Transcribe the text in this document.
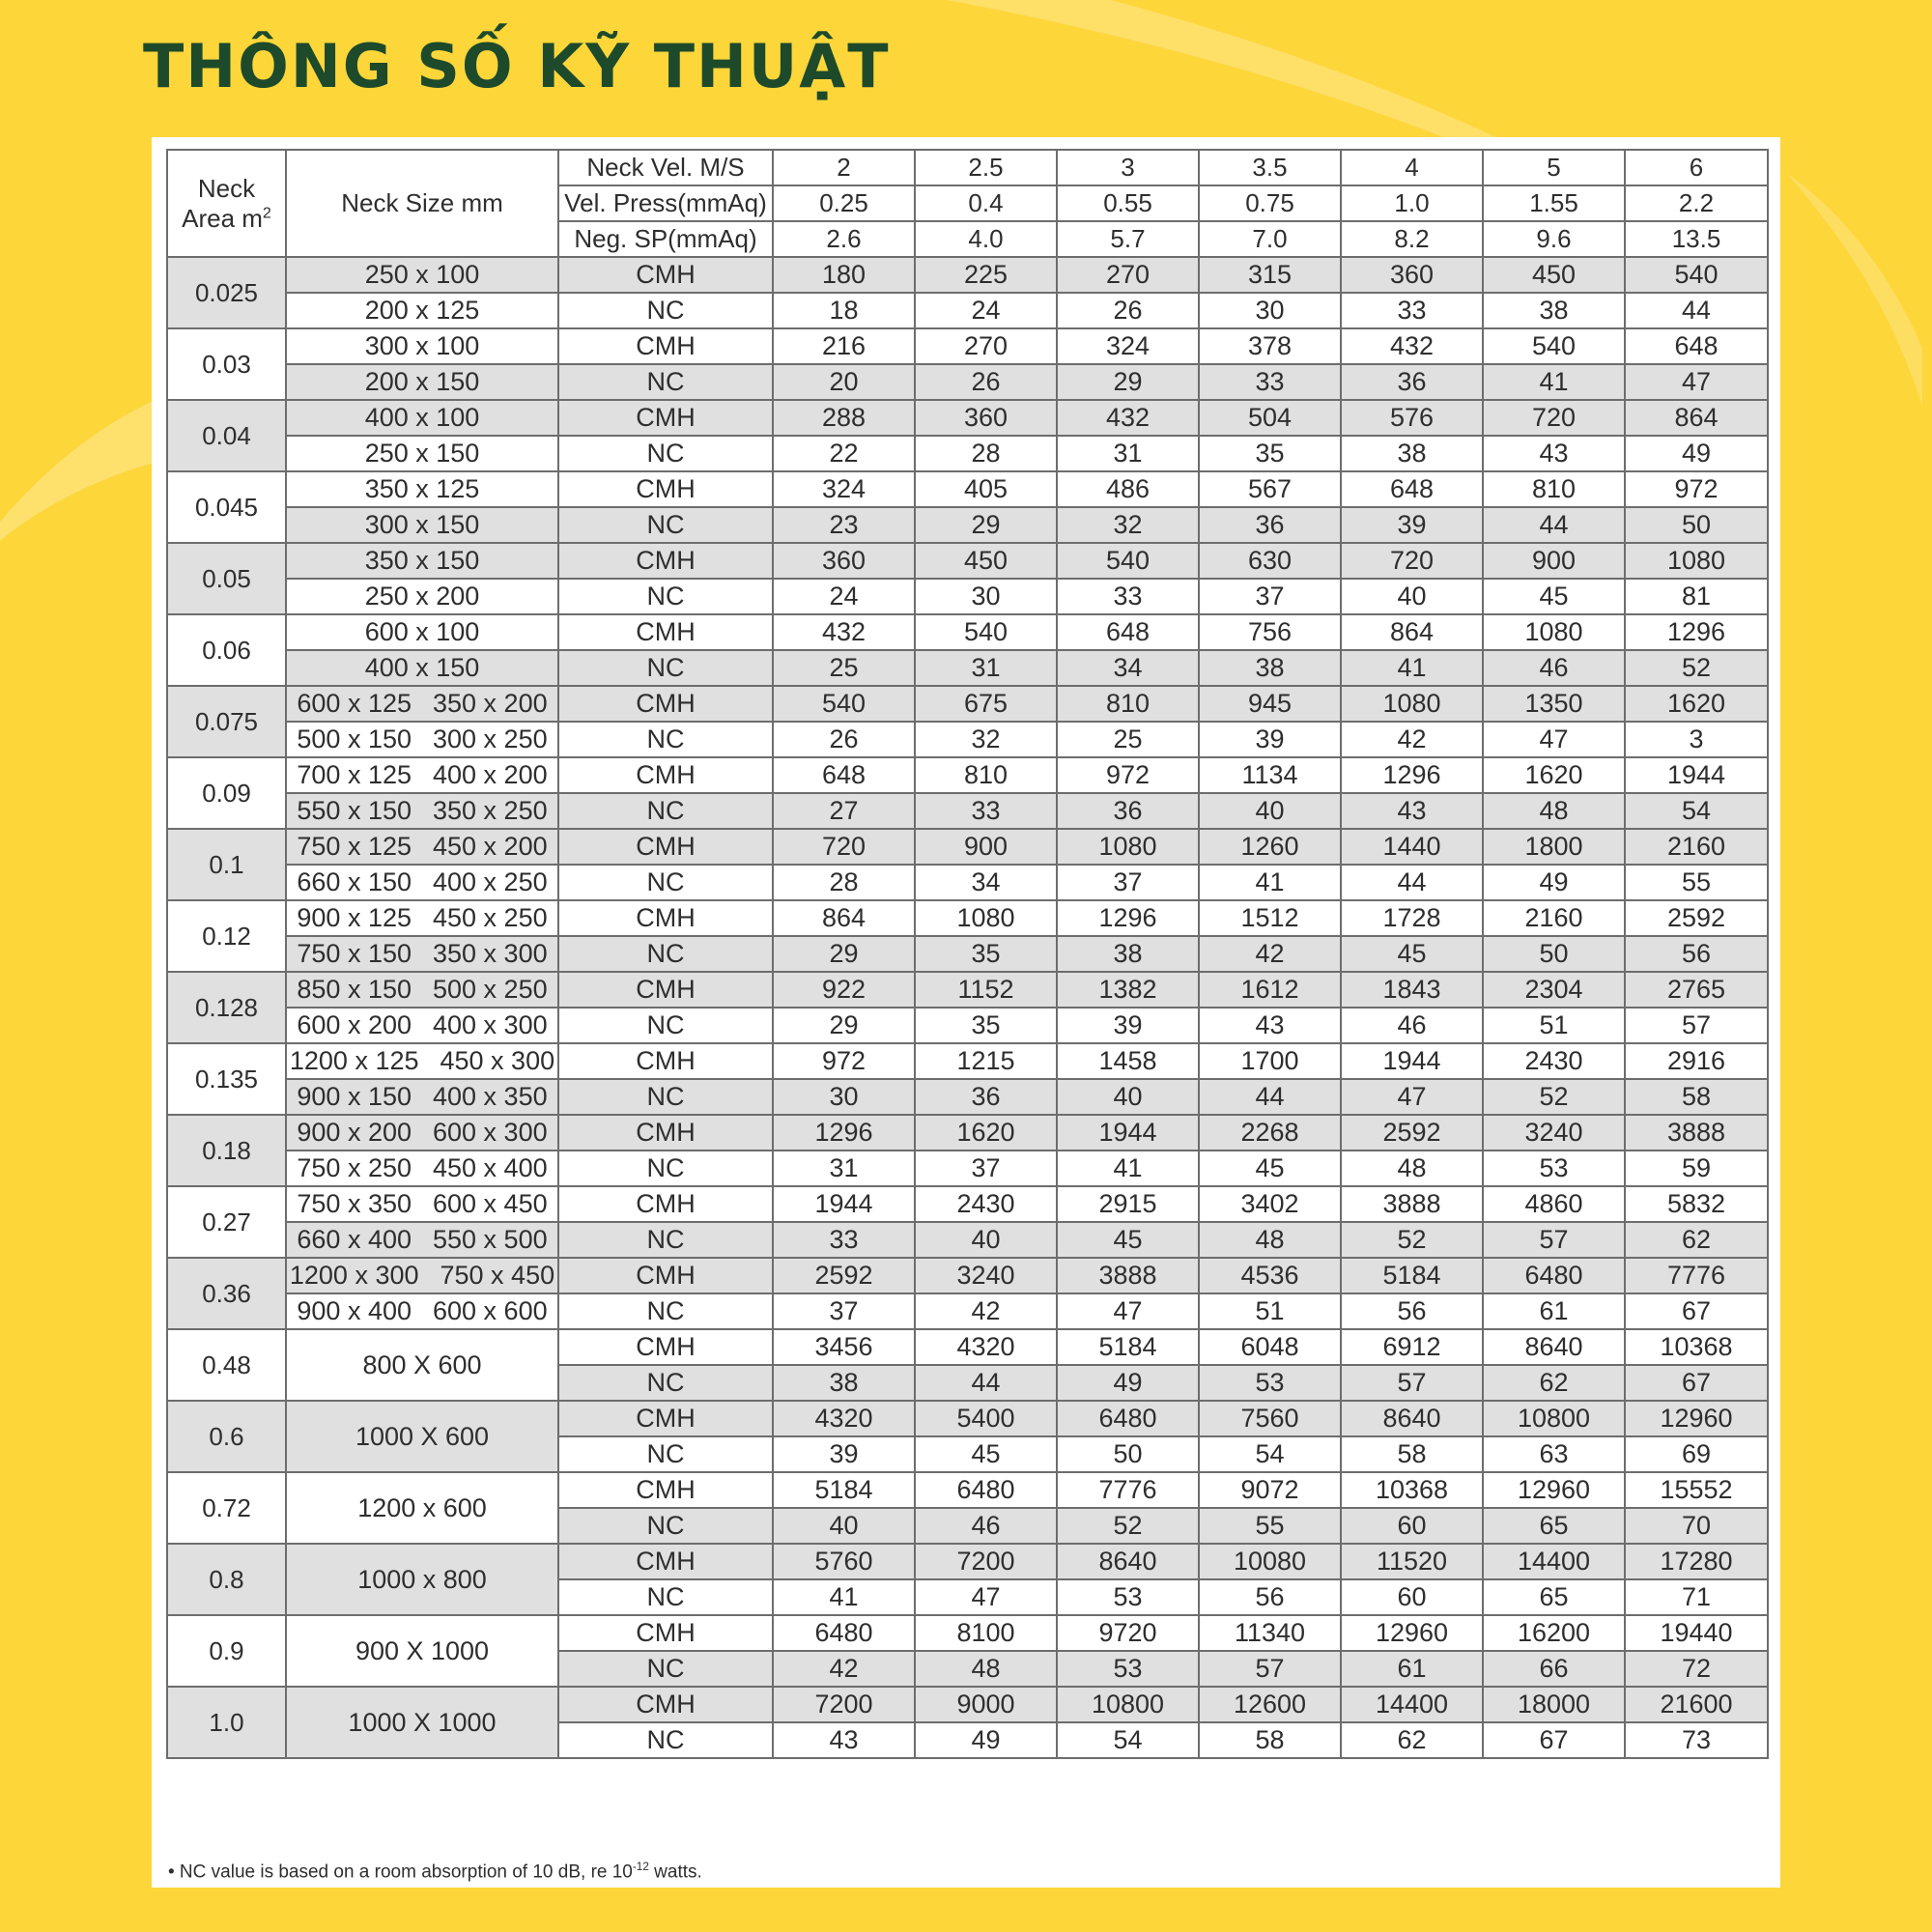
THÔNG SỐ KỸ THUẬT
Neck
Area $m^2$	Neck Size mm	Neck Vel. M/S	2	2.5	3	3.5	4	5	6
		Vel. Press(mmAq)	0.25	0.4	0.55	0.75	1.0	1.55	2.2
		Neg. SP(mmAq)	2.6	4.0	5.7	7.0	8.2	9.6	13.5
0.025	250 x 100	CMH	180	225	270	315	360	450	540
	200 x 125	NC	18	24	26	30	33	38	44
0.03	300 x 100	CMH	216	270	324	378	432	540	648
	200 x 150	NC	20	26	29	33	36	41	47
0.04	400 x 100	CMH	288	360	432	504	576	720	864
	250 x 150	NC	22	28	31	35	38	43	49
0.045	350 x 125	CMH	324	405	486	567	648	810	972
	300 x 150	NC	23	29	32	36	39	44	50
0.05	350 x 150	CMH	360	450	540	630	720	900	1080
	250 x 200	NC	24	30	33	37	40	45	81
0.06	600 x 100	CMH	432	540	648	756	864	1080	1296
	400 x 150	NC	25	31	34	38	41	46	52
0.075	600 x 125 350 x 200	CMH	540	675	810	945	1080	1350	1620
	500 x 150 300 x 250	NC	26	32	25	39	42	47	3
0.09	700 x 125 400 x 200	CMH	648	810	972	1134	1296	1620	1944
	550 x 150 350 x 250	NC	27	33	36	40	43	48	54
0.1	750 x 125 450 x 200	CMH	720	900	1080	1260	1440	1800	2160
	660 x 150 400 x 250	NC	28	34	37	41	44	49	55
0.12	900 x 125 450 x 250	CMH	864	1080	1296	1512	1728	2160	2592
	750 x 150 350 x 300	NC	29	35	38	42	45	50	56
0.128	850 x 150 500 x 250	CMH	922	1152	1382	1612	1843	2304	2765
	600 x 200 400 x 300	NC	29	35	39	43	46	51	57
0.135	1200 x 125 450 x 300	CMH	972	1215	1458	1700	1944	2430	2916
	900 x 150 400 x 350	NC	30	36	40	44	47	52	58
0.18	900 x 200 600 x 300	CMH	1296	1620	1944	2268	2592	3240	3888
	750 x 250 450 x 400	NC	31	37	41	45	48	53	59
0.27	750 x 350 600 x 450	CMH	1944	2430	2915	3402	3888	4860	5832
	660 x 400 550 x 500	NC	33	40	45	48	52	57	62
0.36	1200 x 300 750 x 450	CMH	2592	3240	3888	4536	5184	6480	7776
	900 x 400 600 x 600	NC	37	42	47	51	56	61	67
0.48	800 X 600	CMH	3456	4320	5184	6048	6912	8640	10368
		NC	38	44	49	53	57	62	67
0.6	1000 X 600	CMH	4320	5400	6480	7560	8640	10800	12960
		NC	39	45	50	54	58	63	69
0.72	1200 x 600	CMH	5184	6480	7776	9072	10368	12960	15552
		NC	40	46	52	55	60	65	70
0.8	1000 x 800	CMH	5760	7200	8640	10080	11520	14400	17280
		NC	41	47	53	56	60	65	71
0.9	900 X 1000	CMH	6480	8100	9720	11340	12960	16200	19440
		NC	42	48	53	57	61	66	72
1.0	1000 X 1000	CMH	7200	9000	10800	12600	14400	18000	21600
		NC	43	49	54	58	62	67	73
• NC value is based on a room absorption of 10 dB, re $10^{-12}$ watts.
